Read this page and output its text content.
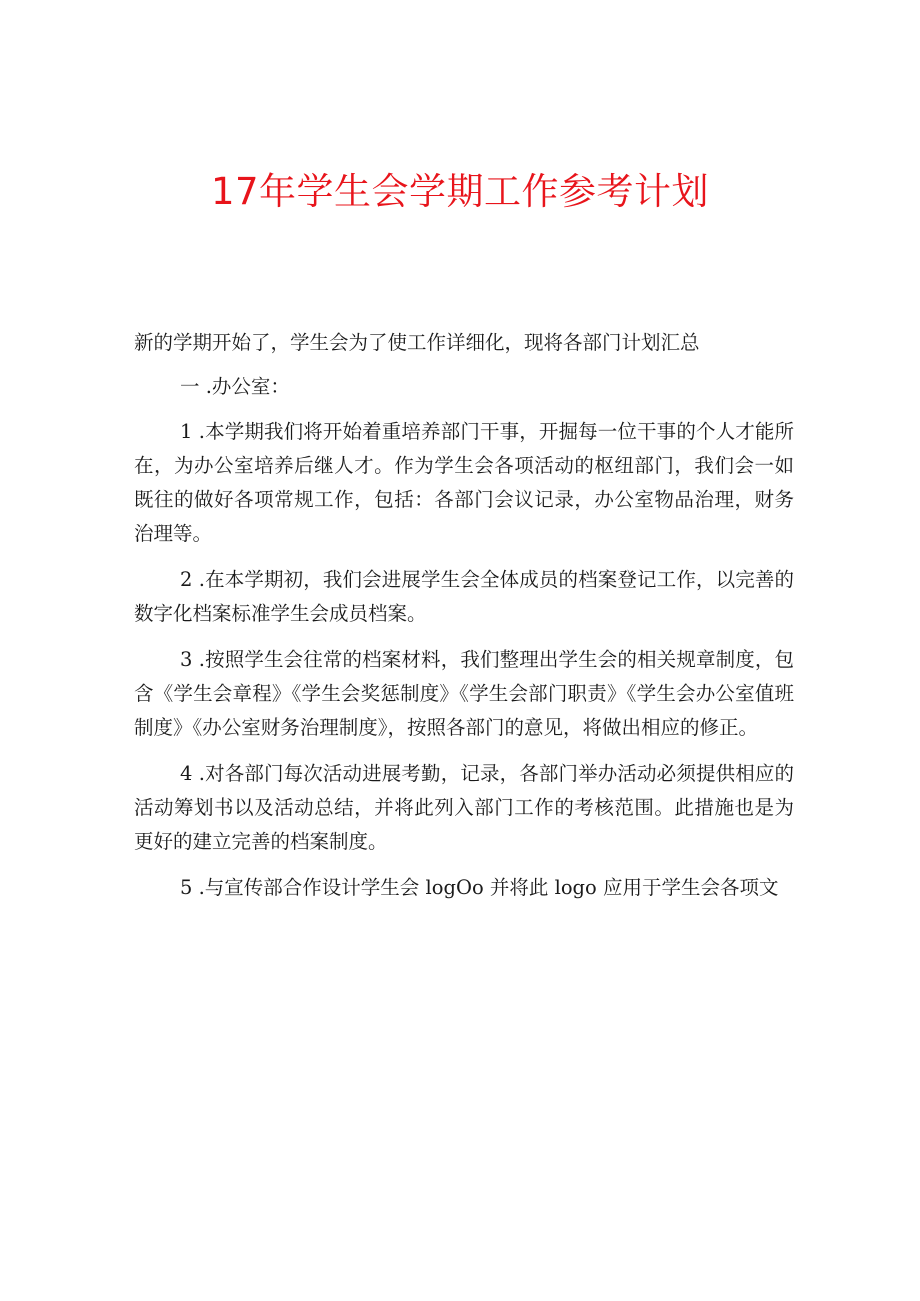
17年学生会学期工作参考计划

新的学期开始了，学生会为了使工作详细化，现将各部门计划汇总

一 .办公室：

1 .本学期我们将开始着重培养部门干事，开掘每一位干事的个人才能所在，为办公室培养后继人才。作为学生会各项活动的枢纽部门，我们会一如既往的做好各项常规工作，包括：各部门会议记录，办公室物品治理，财务治理等。

2 .在本学期初，我们会进展学生会全体成员的档案登记工作，以完善的数字化档案标准学生会成员档案。

3 .按照学生会往常的档案材料，我们整理出学生会的相关规章制度，包含《学生会章程》《学生会奖惩制度》《学生会部门职责》《学生会办公室值班制度》《办公室财务治理制度》，按照各部门的意见，将做出相应的修正。

4 .对各部门每次活动进展考勤，记录，各部门举办活动必须提供相应的活动筹划书以及活动总结，并将此列入部门工作的考核范围。此措施也是为更好的建立完善的档案制度。

5 .与宣传部合作设计学生会 logOo 并将此 logo 应用于学生会各项文
